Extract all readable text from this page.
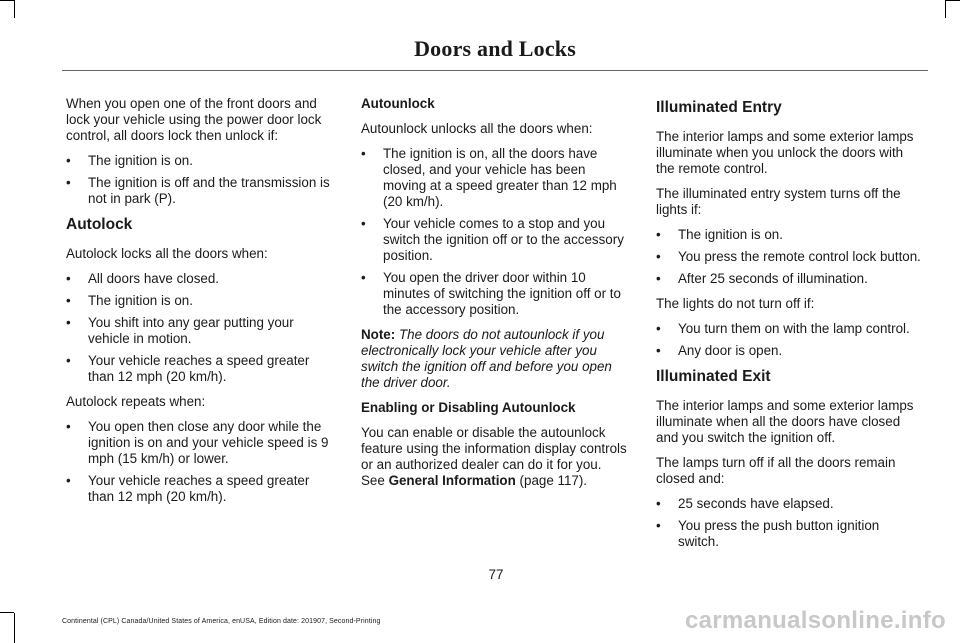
Doors and Locks

When you open one of the front doors and lock your vehicle using the power door lock control, all doors lock then unlock if:

• The ignition is on.
• The ignition is off and the transmission is not in park (P).
Autolock

Autolock locks all the doors when:

• All doors have closed.
• The ignition is on.
• You shift into any gear putting your vehicle in motion.
• Your vehicle reaches a speed greater than 12 mph (20 km/h).

Autolock repeats when:

• You open then close any door while the ignition is on and your vehicle speed is 9 mph (15 km/h) or lower.
• Your vehicle reaches a speed greater than 12 mph (20 km/h).
Autounlock

Autounlock unlocks all the doors when:

• The ignition is on, all the doors have closed, and your vehicle has been moving at a speed greater than 12 mph (20 km/h).
• Your vehicle comes to a stop and you switch the ignition off or to the accessory position.
• You open the driver door within 10 minutes of switching the ignition off or to the accessory position.

Note: The doors do not autounlock if you electronically lock your vehicle after you switch the ignition off and before you open the driver door.

Enabling or Disabling Autounlock

You can enable or disable the autounlock feature using the information display controls or an authorized dealer can do it for you. See General Information (page 117).

Illuminated Entry

The interior lamps and some exterior lamps illuminate when you unlock the doors with the remote control.

The illuminated entry system turns off the lights if:

• The ignition is on.
• You press the remote control lock button.
• After 25 seconds of illumination.

The lights do not turn off if:

• You turn them on with the lamp control.
• Any door is open.
Illuminated Exit

The interior lamps and some exterior lamps illuminate when all the doors have closed and you switch the ignition off.

The lamps turn off if all the doors remain closed and:

• 25 seconds have elapsed.
• You press the push button ignition switch.
77
Continental (CPL) Canada/United States of America, enUSA, Edition date: 201907, Second-Printing	carmanualsonline.info
